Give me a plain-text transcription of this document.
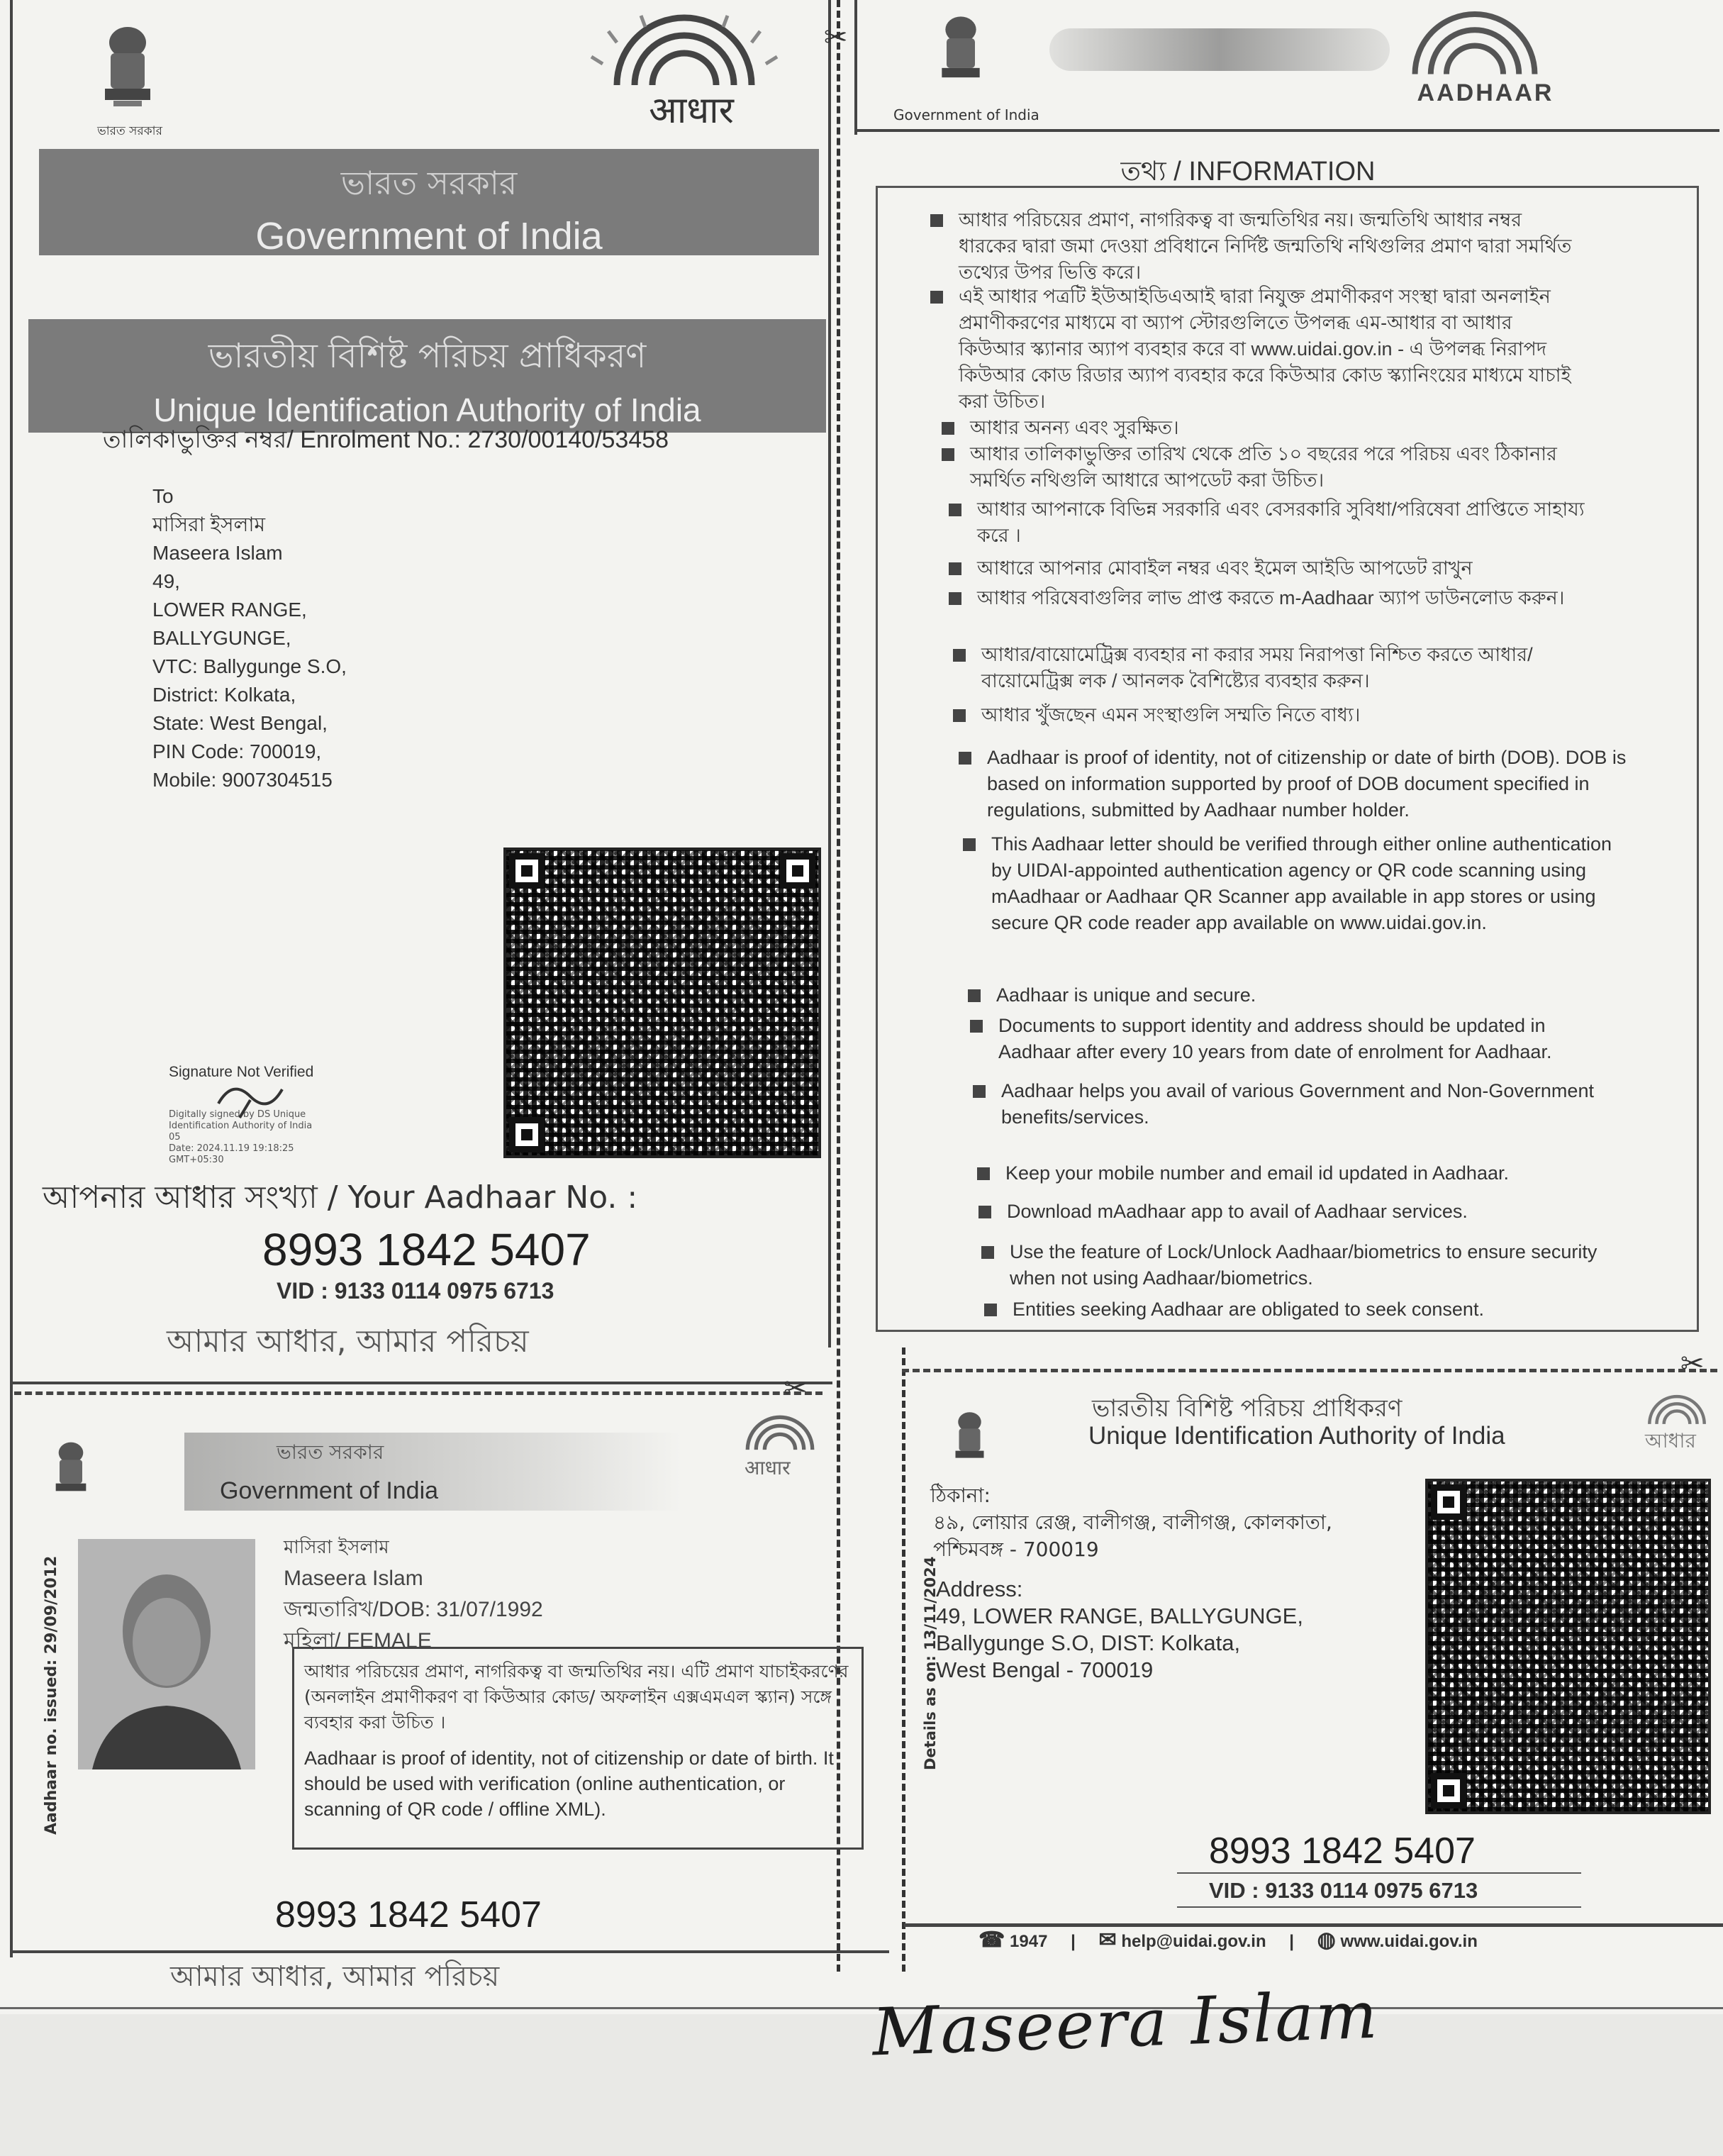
ভারত সরকার	आधार
ভারত সরকার
Government of India
ভারতীয় বিশিষ্ট পরিচয় প্রাধিকরণ
Unique Identification Authority of India
তালিকাভুক্তির নম্বর/ Enrolment No.: 2730/00140/53458
To
মাসিরা ইসলাম
Maseera Islam
49,
LOWER RANGE,
BALLYGUNGE,
VTC: Ballygunge S.O,
District: Kolkata,
State: West Bengal,
PIN Code: 700019,
Mobile: 9007304515
Signature Not Verified
Digitally signed by DS Unique
Identification Authority of India
05
Date: 2024.11.19 19:18:25
GMT+05:30
আপনার আধার সংখ্যা / Your Aadhaar No. :
8993 1842 5407
VID : 9133 0114 0975 6713
আমার আধার, আমার পরিচয়
Government of India
AADHAAR
তথ্য / INFORMATION
আধার পরিচয়ের প্রমাণ, নাগরিকত্ব বা জন্মতিথির নয়। জন্মতিথি আধার নম্বর ধারকের দ্বারা জমা দেওয়া প্রবিধানে নির্দিষ্ট জন্মতিথি নথিগুলির প্রমাণ দ্বারা সমর্থিত তথ্যের উপর ভিত্তি করে।
এই আধার পত্রটি ইউআইডিএআই দ্বারা নিযুক্ত প্রমাণীকরণ সংস্থা দ্বারা অনলাইন প্রমাণীকরণের মাধ্যমে বা অ্যাপ স্টোরগুলিতে উপলব্ধ এম-আধার বা আধার কিউআর স্ক্যানার অ্যাপ ব্যবহার করে বা www.uidai.gov.in - এ উপলব্ধ নিরাপদ কিউআর কোড রিডার অ্যাপ ব্যবহার করে কিউআর কোড স্ক্যানিংয়ের মাধ্যমে যাচাই করা উচিত।
আধার অনন্য এবং সুরক্ষিত।
আধার তালিকাভুক্তির তারিখ থেকে প্রতি ১০ বছরের পরে পরিচয় এবং ঠিকানার সমর্থিত নথিগুলি আধারে আপডেট করা উচিত।
আধার আপনাকে বিভিন্ন সরকারি এবং বেসরকারি সুবিধা/পরিষেবা প্রাপ্তিতে সাহায্য করে ।
আধারে আপনার মোবাইল নম্বর এবং ইমেল আইডি আপডেট রাখুন
আধার পরিষেবাগুলির লাভ প্রাপ্ত করতে m-Aadhaar অ্যাপ ডাউনলোড করুন।
আধার/বায়োমেট্রিক্স ব্যবহার না করার সময় নিরাপত্তা নিশ্চিত করতে আধার/বায়োমেট্রিক্স লক / আনলক বৈশিষ্ট্যের ব্যবহার করুন।
আধার খুঁজছেন এমন সংস্থাগুলি সম্মতি নিতে বাধ্য।
Aadhaar is proof of identity, not of citizenship or date of birth (DOB). DOB is based on information supported by proof of DOB document specified in regulations, submitted by Aadhaar number holder.
This Aadhaar letter should be verified through either online authentication by UIDAI-appointed authentication agency or QR code scanning using mAadhaar or Aadhaar QR Scanner app available in app stores or using secure QR code reader app available on www.uidai.gov.in.
Aadhaar is unique and secure.
Documents to support identity and address should be updated in Aadhaar after every 10 years from date of enrolment for Aadhaar.
Aadhaar helps you avail of various Government and Non-Government benefits/services.
Keep your mobile number and email id updated in Aadhaar.
Download mAadhaar app to avail of Aadhaar services.
Use the feature of Lock/Unlock Aadhaar/biometrics to ensure security when not using Aadhaar/biometrics.
Entities seeking Aadhaar are obligated to seek consent.
✂
✂
✂
ভারত সরকার
Government of India
आधार
Aadhaar no. issued: 29/09/2012
মাসিরা ইসলাম
Maseera Islam
জন্মতারিখ/DOB: 31/07/1992
মহিলা/ FEMALE
আধার পরিচয়ের প্রমাণ, নাগরিকত্ব বা জন্মতিথির নয়। এটি প্রমাণ যাচাইকরণের (অনলাইন প্রমাণীকরণ বা কিউআর কোড/ অফলাইন এক্সএমএল স্ক্যান) সঙ্গে ব্যবহার করা উচিত ।
Aadhaar is proof of identity, not of citizenship or date of birth. It should be used with verification (online authentication, or scanning of QR code / offline XML).
8993 1842 5407
আমার আধার, আমার পরিচয়
ভারতীয় বিশিষ্ট পরিচয় প্রাধিকরণ
Unique Identification Authority of India	আধার
Details as on: 13/11/2024
ঠিকানা:
৪৯, লোয়ার রেঞ্জ, বালীগঞ্জ, বালীগঞ্জ, কোলকাতা,
পশ্চিমবঙ্গ - 700019
Address:
49, LOWER RANGE, BALLYGUNGE,
Ballygunge S.O, DIST: Kolkata,
West Bengal - 700019
8993 1842 5407
VID : 9133 0114 0975 6713
☎ 1947 | ✉ help@uidai.gov.in | ◍ www.uidai.gov.in
Maseera Islam
